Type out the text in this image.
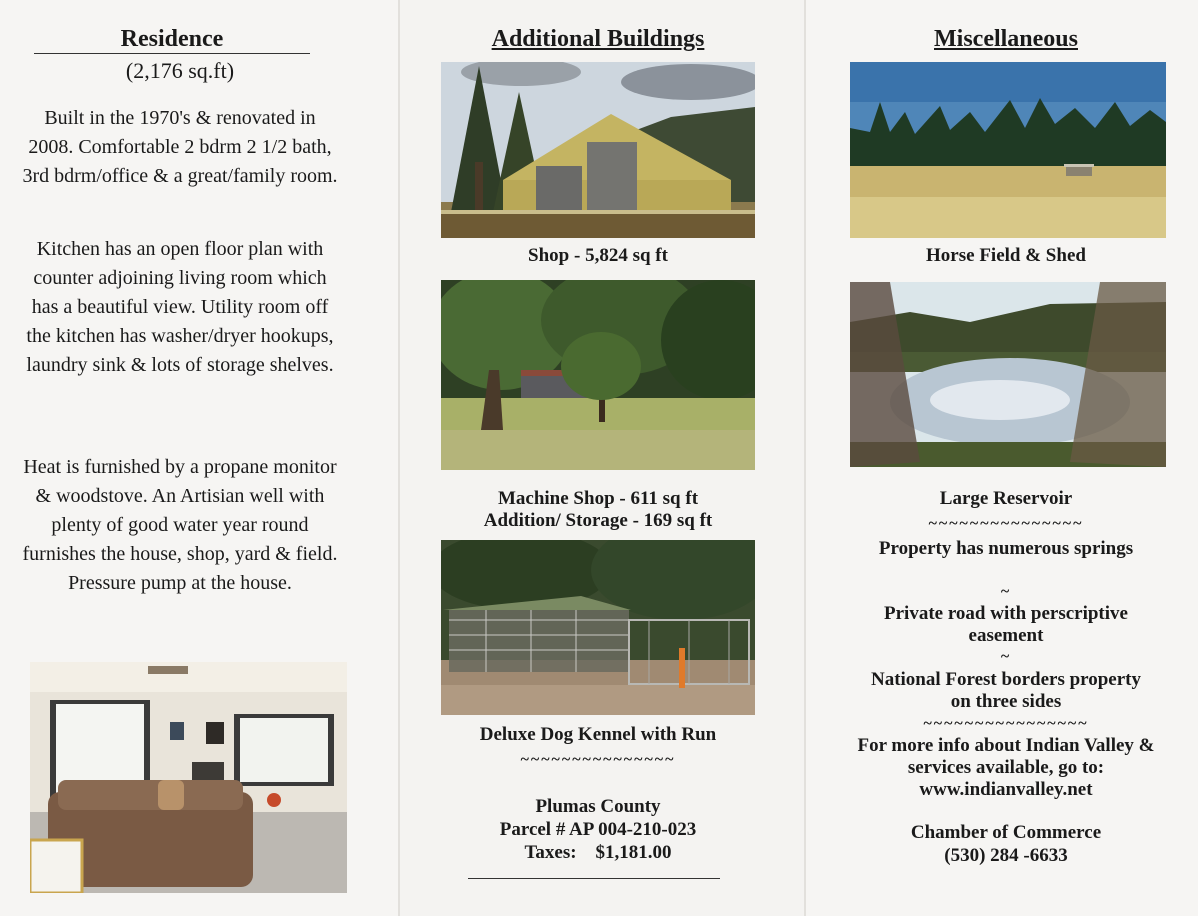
Residence
(2,176 sq.ft)
Built in the 1970's & renovated in 2008. Comfortable 2 bdrm 2 1/2 bath, 3rd bdrm/office & a great/family room.
Kitchen has an open floor plan with counter adjoining living room which has a beautiful view. Utility room off the kitchen has washer/dryer hookups, laundry sink & lots of storage shelves.
Heat is furnished by a propane monitor & woodstove. An Artisian well with plenty of good water year round furnishes the house, shop, yard & field. Pressure pump at the house.
Additional Buildings
Shop - 5,824 sq ft
Machine Shop - 611 sq ft
Addition/ Storage - 169 sq ft
Deluxe Dog Kennel with Run
~~~~~~~~~~~~~~~
Plumas County
Parcel # AP 004-210-023
Taxes:    $1,181.00
Miscellaneous
Horse Field & Shed
Large Reservoir
~~~~~~~~~~~~~~~
Property has numerous springs
~
Private road with perscriptive easement
~
National Forest borders property on three sides
~~~~~~~~~~~~~~~~
For more info about Indian Valley & services available, go to: www.indianvalley.net
Chamber of Commerce
(530) 284 -6633
